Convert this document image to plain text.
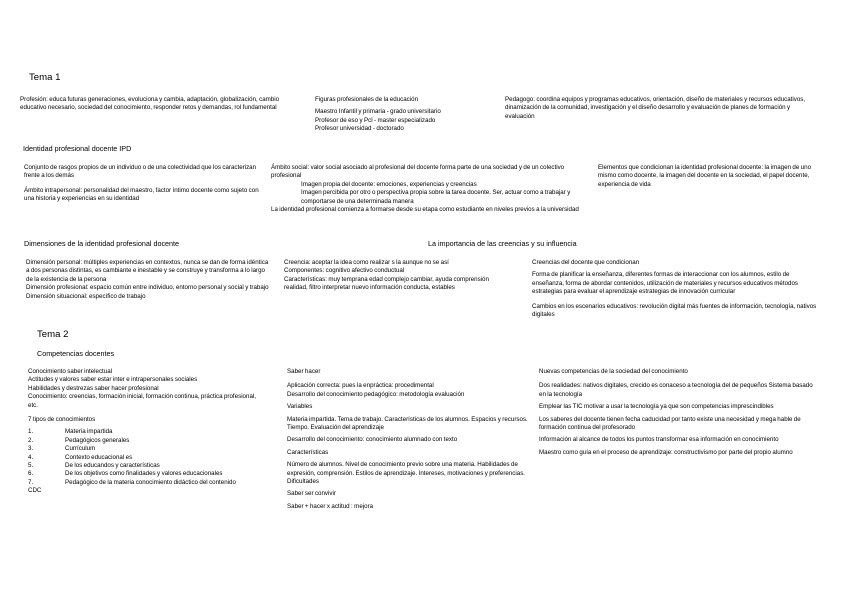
Tema 1
Profesión: educa futuras generaciones, evoluciona y cambia, adaptación, globalización, cambio educativo necesario, sociedad del conocimiento, responder retos y demandas, rol fundamental
Figuras profesionales de la educación
Maestro Infantil y primaria - grado universitario
Profesor de eso y Pcl - master especializado
Profesor universidad - doctorado
Pedagogo: coordina equipos y programas educativos, orientación, diseño de materiales y recursos educativos, dinamización de la comunidad, investigación y el diseño desarrollo y evaluación de planes de formación y evaluación
Identidad profesional docente IPD
Conjunto de rasgos propios de un individuo o de una colectividad que los caracterizan frente a los demás
Ámbito intrapersonal: personalidad del maestro, factor íntimo docente como sujeto con una historia y experiencias en su identidad
Ámbito social: valor social asociado al profesional del docente forma parte de una sociedad y de un colectivo profesional
Imagen propia del docente: emociones, experiencias y creencias
Imagen percibida por otro o perspectiva propia sobre la tarea docente. Ser, actuar como a trabajar y comportarse de una determinada manera
La identidad profesional comienza a formarse desde su etapa como estudiante en niveles previos a la universidad
Elementos que condicionan la identidad profesional docente: la imagen de uno mismo como docente, la imagen del docente en la sociedad, el papel docente, experiencia de vida
Dimensiones de la identidad profesional docente	La importancia de las creencias y su influencia
Dimensión personal: múltiples experiencias en contextos, nunca se dan de forma idéntica a dos personas distintas, es cambiante e inestable y se construye y transforma a lo largo de la existencia de la persona
Dimensión profesional: espacio común entre individuo, entorno personal y social y trabajo
Dimensión situacional: específico de trabajo
Creencia: aceptar la idea como realizar s la aunque no se así
Componentes: cognitivo afectivo conductual
Características: muy temprana edad complejo cambiar, ayuda comprensión realidad, filtro interpretar nuevo información conducta, estables
Creencias del docente que condicionan
Forma de planificar la enseñanza, diferentes formas de interaccionar con los alumnos, estilo de enseñanza, forma de abordar contenidos, utilización de materiales y recursos educativos métodos estrategias para evaluar el aprendizaje estrategias de innovación curricular
Cambios en los escenarios educativos: revolución digital más fuentes de información, tecnología, nativos digitales
Tema 2
Competencias docentes
Conocimiento saber intelectual
Actitudes y valores saber estar inter e intrapersonales sociales
Habilidades y destrezas saber hacer profesional
Conocimiento: creencias, formación inicial, formación continua, práctica profesional, etc.
7 tipos de conocimientos
1.	Materia impartida
2.	Pedagógicos generales
3.	Currículum
4.	Contexto educacional es
5.	De los educandos y características
6.	De los objetivos como finalidades y valores educacionales
7.	Pedagógico de la materia conocimiento didáctico del contenido
CDC
Saber hacer
Aplicación correcta: pues la enpráctica: procedimental
Desarrollo del conocimiento pedagógico: metodología evaluación
Variables
Materia impartida. Tema de trabajo. Características de los alumnos. Espacios y recursos. Tiempo. Evaluación del aprendizaje
Desarrollo del conocimiento: conocimiento alumnado con texto
Características
Número de alumnos. Nivel de conocimiento previo sobre una materia. Habilidades de expresión, comprensión. Estilos de aprendizaje. Intereses, motivaciones y preferencias. Dificultades
Saber ser convivir
Saber + hacer x actitud : mejora
Nuevas competencias de la sociedad del conocimiento
Dos realidades: nativos digitales, crecido es conaceso a tecnología del de pequeños Sistema basado en la tecnología
Emplear las TIC motivar a usar la tecnología ya que son competencias imprescindibles
Los saberes del docente tienen fecha caducidad por tanto existe una necesidad y mega hable de formación continua del profesorado
Información al alcance de todos los puntos transformar esa información en conocimiento
Maestro como guía en el proceso de aprendizaje: constructivismo por parte del propio alumno
